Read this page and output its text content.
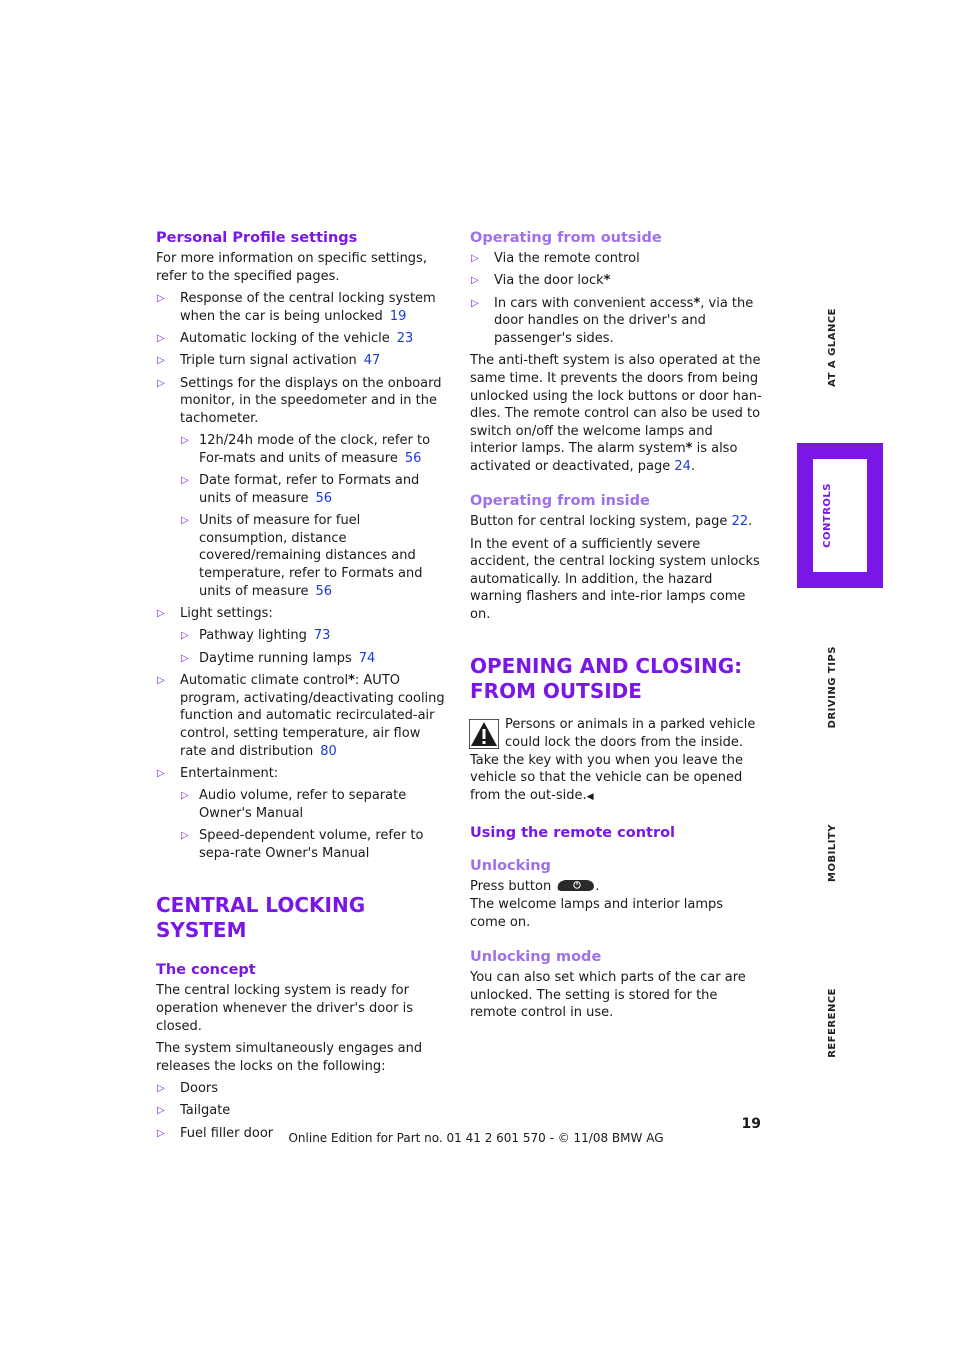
Personal Profile settings

For more information on specific settings, refer to the specified pages.

▷ Response of the central locking system when the car is being unlocked 19
▷ Automatic locking of the vehicle 23
▷ Triple turn signal activation 47
▷ Settings for the displays on the onboard monitor, in the speedometer and in the tachometer.
▷ 12h/24h mode of the clock, refer to For-mats and units of measure 56
▷ Date format, refer to Formats and units of measure 56
▷ Units of measure for fuel consumption, distance covered/remaining distances and temperature, refer to Formats and units of measure 56
▷ Light settings:
▷ Pathway lighting 73
▷ Daytime running lamps 74
▷ Automatic climate control*: AUTO program, activating/deactivating cooling function and automatic recirculated-air control, setting temperature, air flow rate and distribution 80
▷ Entertainment:
▷ Audio volume, refer to separate Owner's Manual
▷ Speed-dependent volume, refer to sepa-rate Owner's Manual
CENTRAL LOCKING SYSTEM
The concept

The central locking system is ready for operation whenever the driver's door is closed.

The system simultaneously engages and releases the locks on the following:

▷ Doors
▷ Tailgate
▷ Fuel filler door
Operating from outside
▷ Via the remote control
▷ Via the door lock*
▷ In cars with convenient access*, via the door handles on the driver's and passenger's sides.

The anti-theft system is also operated at the same time. It prevents the doors from being unlocked using the lock buttons or door han-dles. The remote control can also be used to switch on/off the welcome lamps and interior lamps. The alarm system* is also activated or deactivated, page 24.

Operating from inside

Button for central locking system, page 22.

In the event of a sufficiently severe accident, the central locking system unlocks automatically. In addition, the hazard warning flashers and inte-rior lamps come on.

OPENING AND CLOSING:
FROM OUTSIDE

Persons or animals in a parked vehicle could lock the doors from the inside. Take the key with you when you leave the vehicle so that the vehicle can be opened from the out-side.◀

Using the remote control
Unlocking

Press button	.

The welcome lamps and interior lamps come on.

Unlocking mode

You can also set which parts of the car are unlocked. The setting is stored for the remote control in use.

AT A GLANCE
CONTROLS
DRIVING TIPS
MOBILITY
REFERENCE
19
Online Edition for Part no. 01 41 2 601 570 - © 11/08 BMW AG
